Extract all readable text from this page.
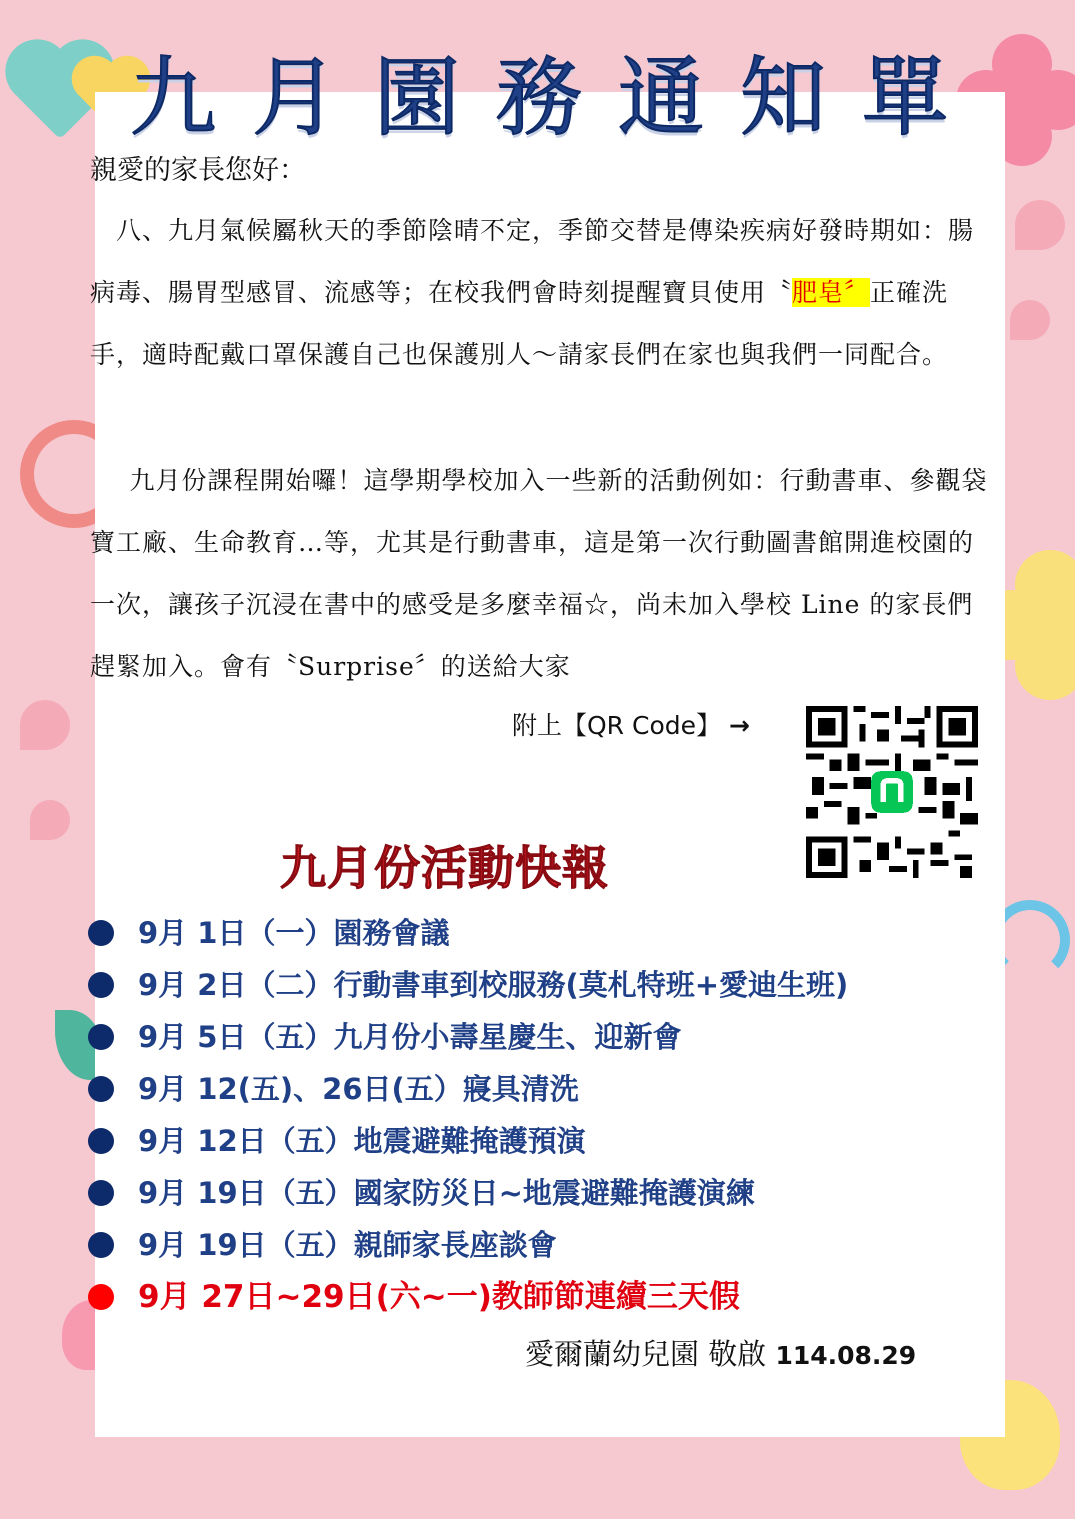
九月園務通知單
親愛的家長您好：

 八、九月氣候屬秋天的季節陰晴不定，季節交替是傳染疾病好發時期如：腸病毒、腸胃型感冒、流感等；在校我們會時刻提醒寶貝使用〝肥皂〞正確洗手，適時配戴口罩保護自己也保護別人～請家長們在家也與我們一同配合。

  九月份課程開始囉！這學期學校加入一些新的活動例如：行動書車、參觀袋寶工廠、生命教育…等，尤其是行動書車，這是第一次行動圖書館開進校園的一次，讓孩子沉浸在書中的感受是多麼幸福☆，尚未加入學校 Line 的家長們趕緊加入。會有〝Surprise〞的送給大家

附上【QR Code】 →
九月份活動快報
9月 1日（一）園務會議
9月 2日（二）行動書車到校服務(莫札特班+愛迪生班)
9月 5日（五）九月份小壽星慶生、迎新會
9月 12(五)、26日(五）寢具清洗
9月 12日（五）地震避難掩護預演
9月 19日（五）國家防災日~地震避難掩護演練
9月 19日（五）親師家長座談會
9月 27日~29日(六~一)教師節連續三天假
愛爾蘭幼兒園 敬啟 114.08.29
